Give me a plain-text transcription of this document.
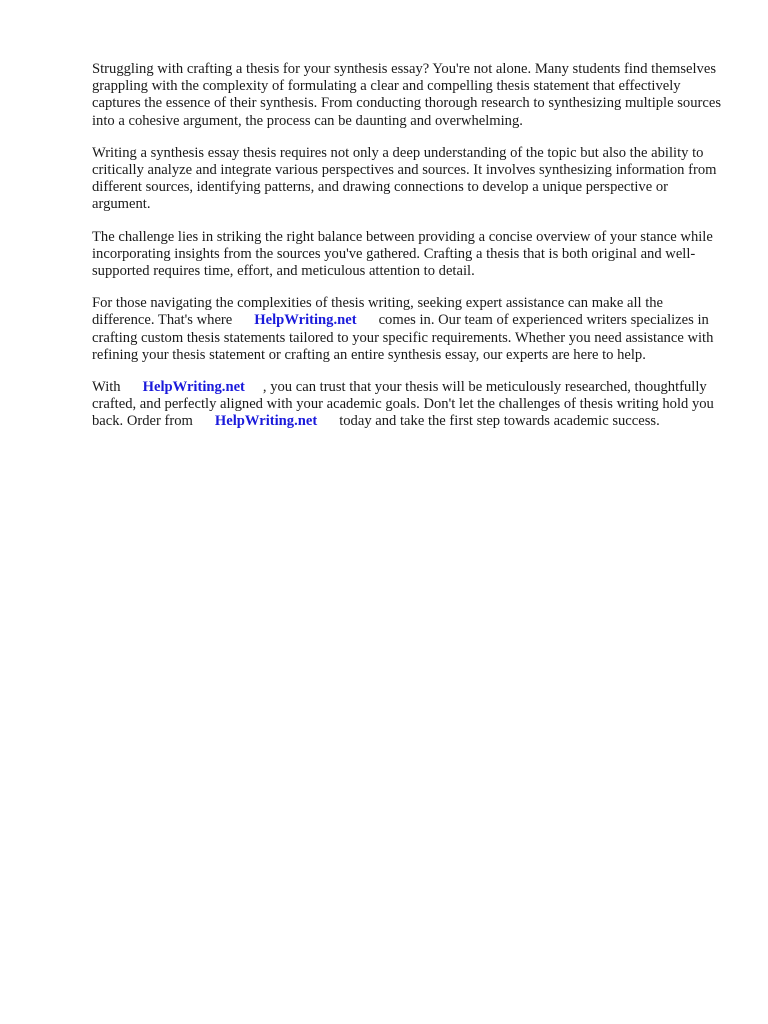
Struggling with crafting a thesis for your synthesis essay? You're not alone. Many students find themselves grappling with the complexity of formulating a clear and compelling thesis statement that effectively captures the essence of their synthesis. From conducting thorough research to synthesizing multiple sources into a cohesive argument, the process can be daunting and overwhelming.

Writing a synthesis essay thesis requires not only a deep understanding of the topic but also the ability to critically analyze and integrate various perspectives and sources. It involves synthesizing information from different sources, identifying patterns, and drawing connections to develop a unique perspective or argument.

The challenge lies in striking the right balance between providing a concise overview of your stance while incorporating insights from the sources you've gathered. Crafting a thesis that is both original and well-supported requires time, effort, and meticulous attention to detail.

For those navigating the complexities of thesis writing, seeking expert assistance can make all the difference. That's where HelpWriting.net comes in. Our team of experienced writers specializes in crafting custom thesis statements tailored to your specific requirements. Whether you need assistance with refining your thesis statement or crafting an entire synthesis essay, our experts are here to help.

With HelpWriting.net , you can trust that your thesis will be meticulously researched, thoughtfully crafted, and perfectly aligned with your academic goals. Don't let the challenges of thesis writing hold you back. Order from HelpWriting.net today and take the first step towards academic success.
